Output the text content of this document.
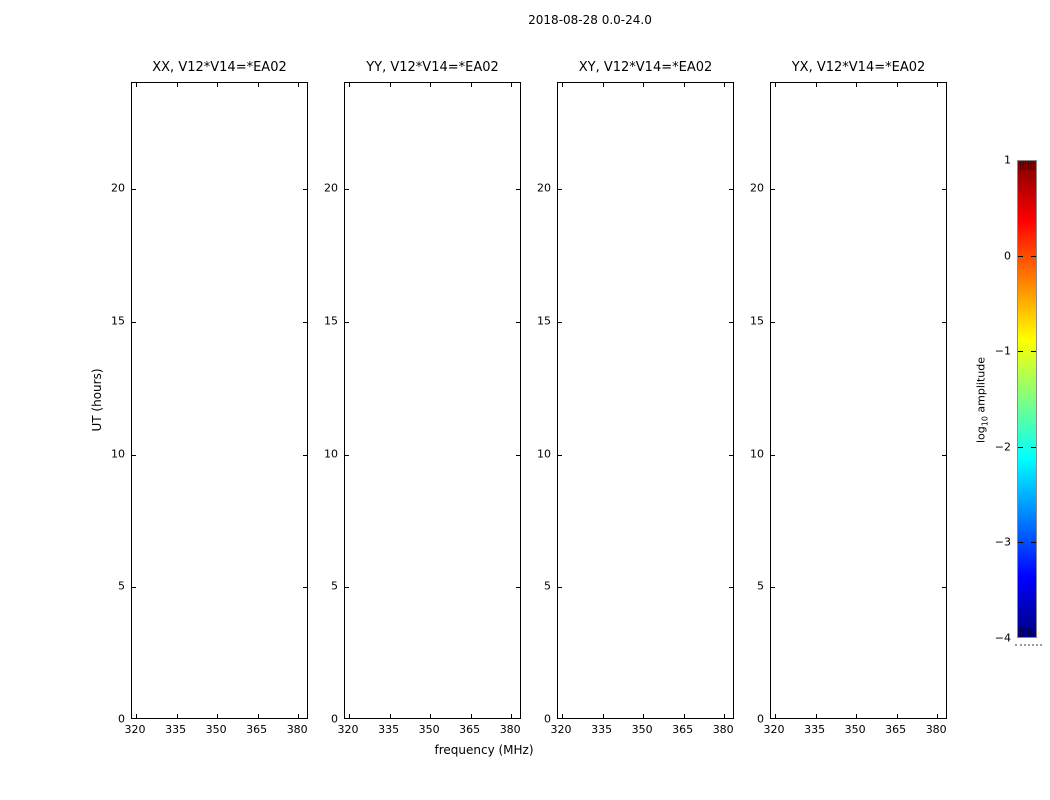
2018-08-28 0.0-24.0
UT (hours)
frequency (MHz)
XX, V12*V14=*EA02
320 335 350 365 380
0
5
10
15
20
YY, V12*V14=*EA02
320 335 350 365 380
0
5
10
15
20
XY, V12*V14=*EA02
320 335 350 365 380
0
5
10
15
20
YX, V12*V14=*EA02
320 335 350 365 380
0
5
10
15
20
1
0
−1
−2
−3
−4
$\log_{10}$ amplitude
